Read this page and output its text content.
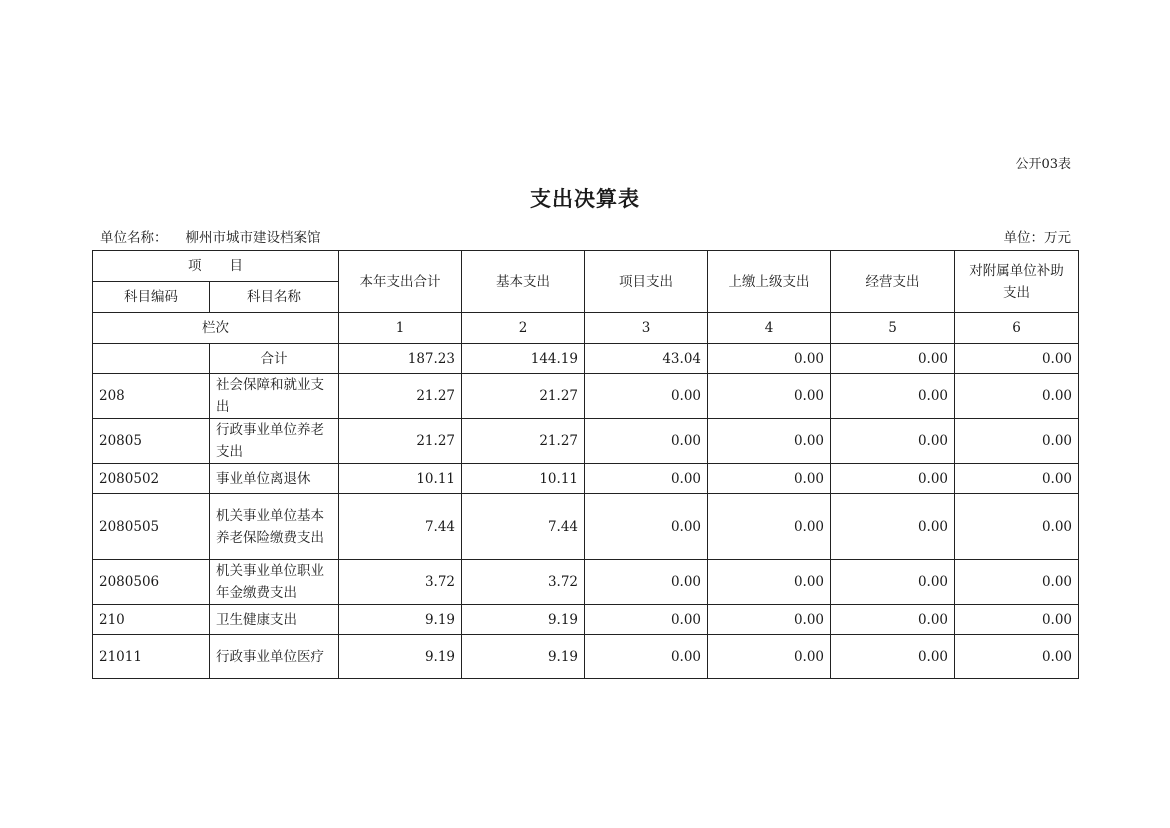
公开03表
支出决算表
单位名称： 柳州市城市建设档案馆	单位：万元
项 目		本年支出合计	基本支出	项目支出	上缴上级支出	经营支出	对附属单位补助支出
科目编码	科目名称						
栏次		1	2	3	4	5	6
	合计	187.23	144.19	43.04	0.00	0.00	0.00
208	社会保障和就业支出	21.27	21.27	0.00	0.00	0.00	0.00
20805	行政事业单位养老支出	21.27	21.27	0.00	0.00	0.00	0.00
2080502	事业单位离退休	10.11	10.11	0.00	0.00	0.00	0.00
2080505	机关事业单位基本养老保险缴费支出	7.44	7.44	0.00	0.00	0.00	0.00
2080506	机关事业单位职业年金缴费支出	3.72	3.72	0.00	0.00	0.00	0.00
210	卫生健康支出	9.19	9.19	0.00	0.00	0.00	0.00
21011	行政事业单位医疗	9.19	9.19	0.00	0.00	0.00	0.00
